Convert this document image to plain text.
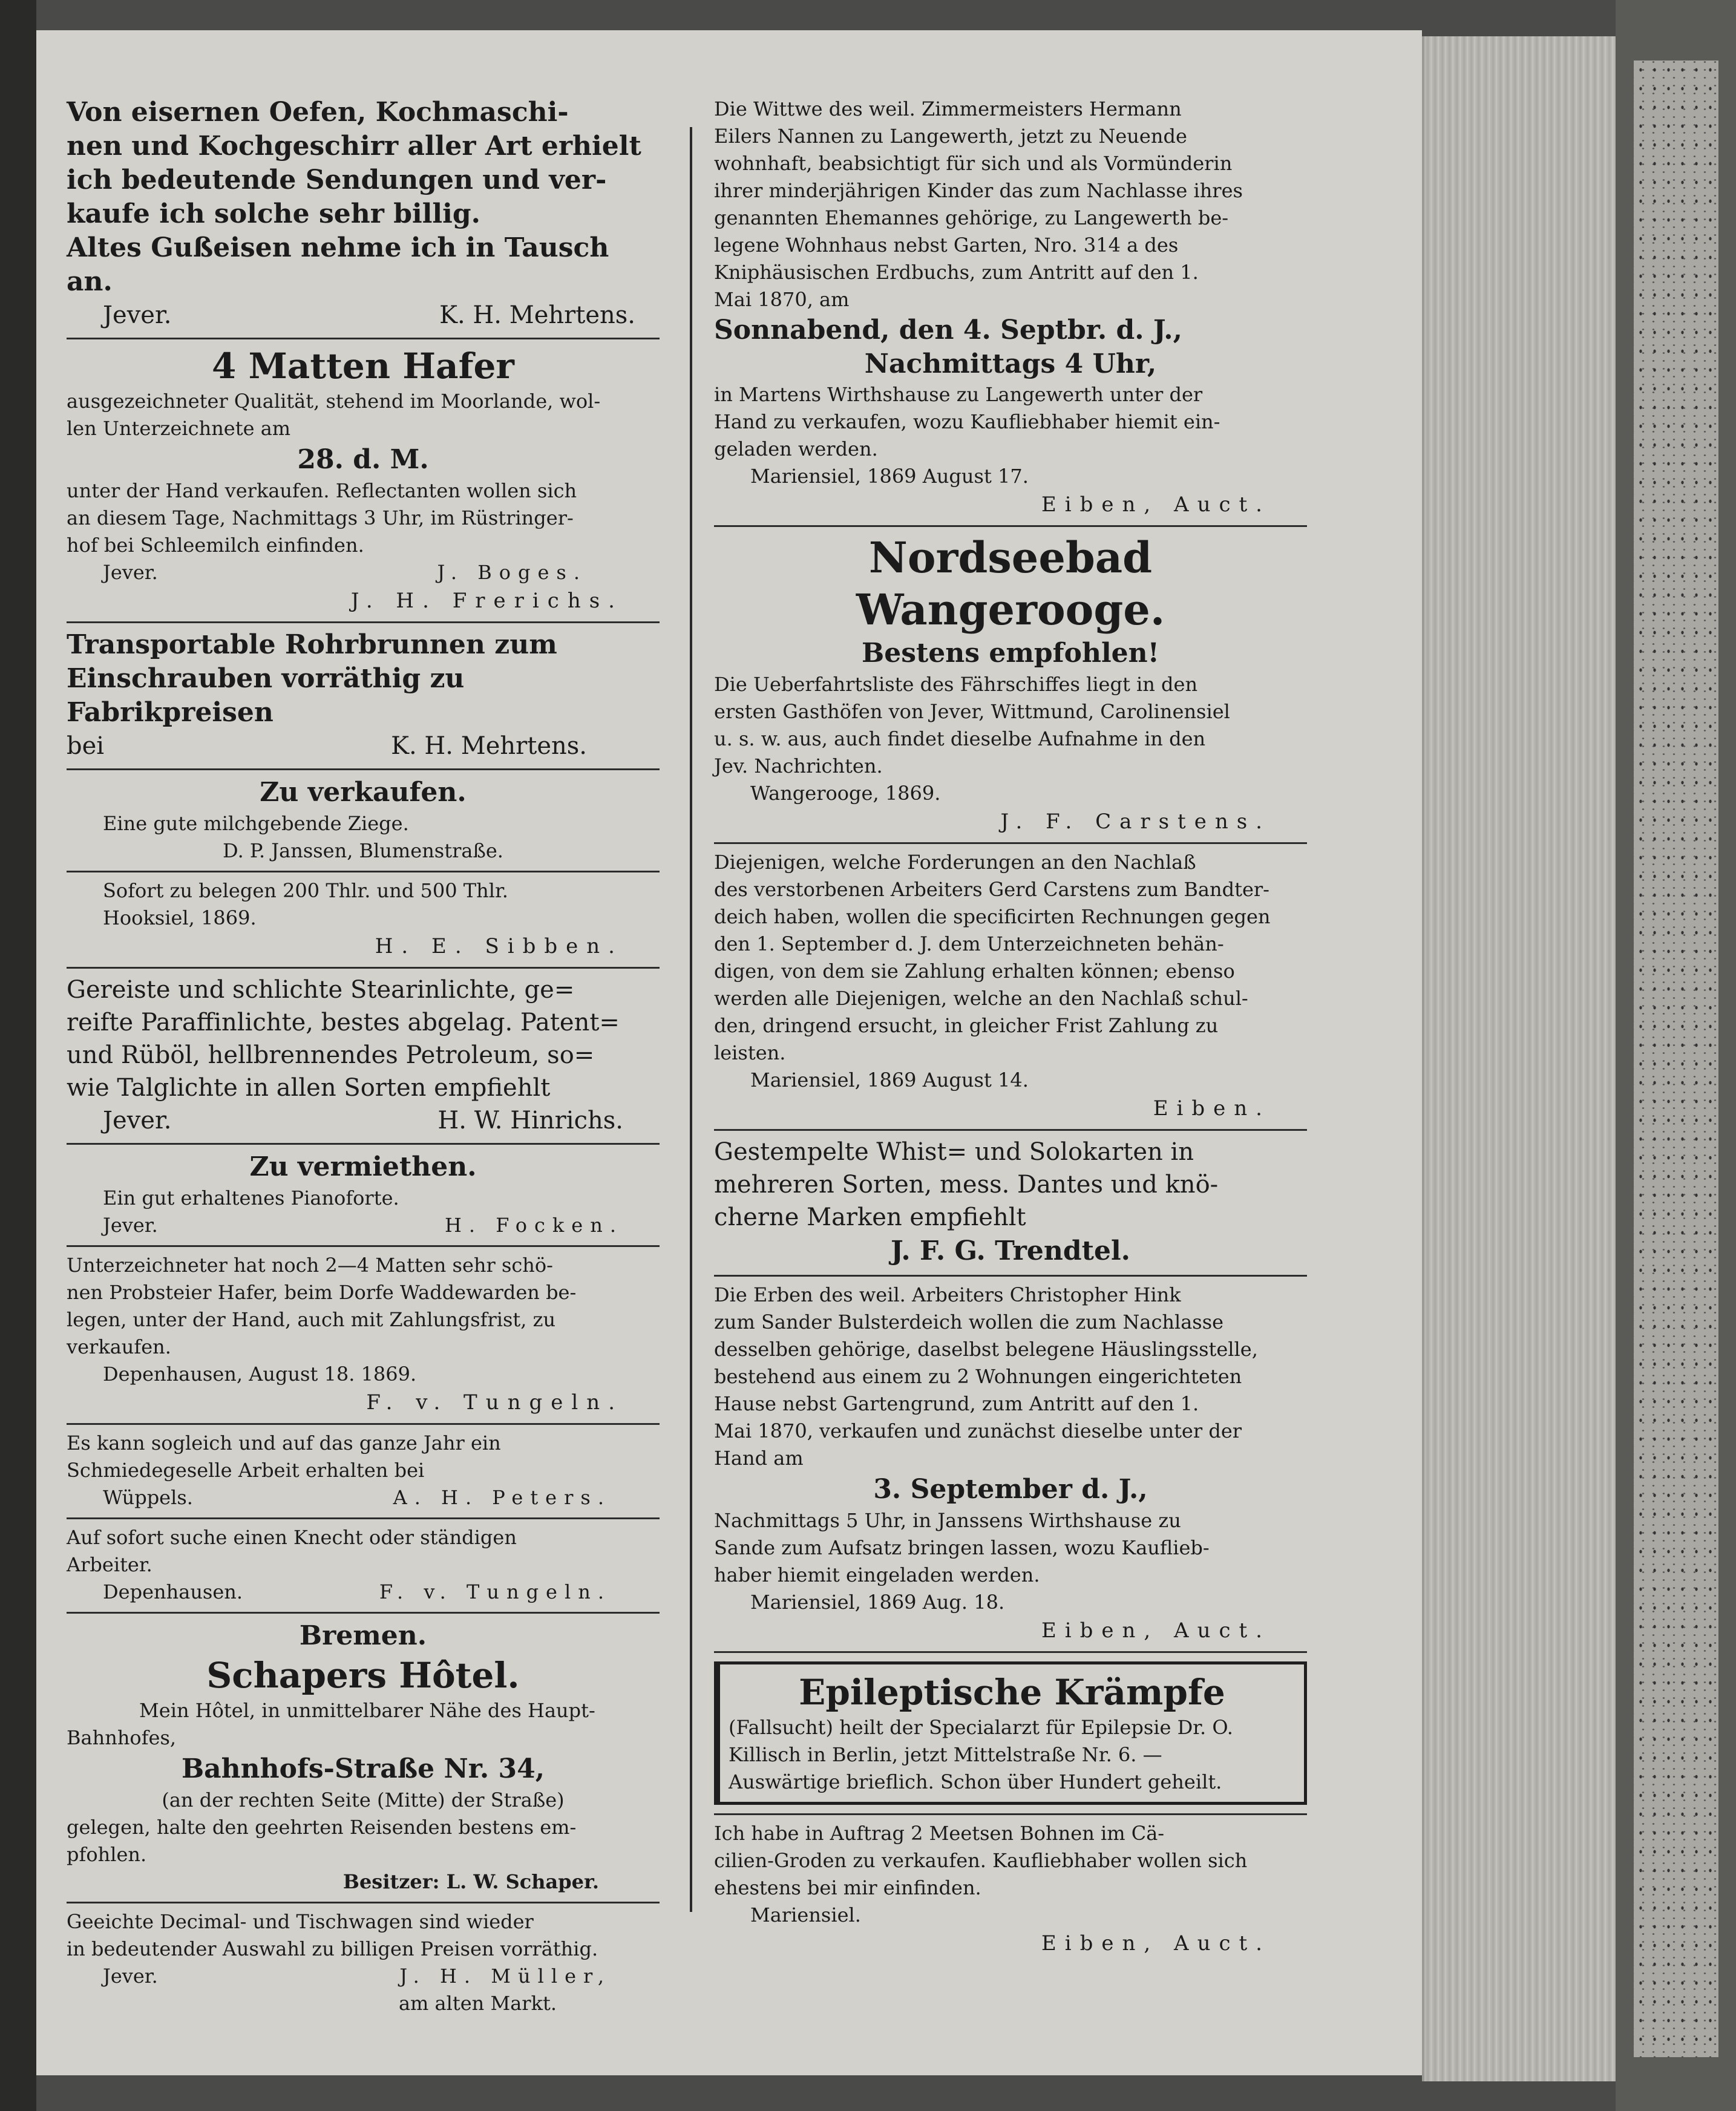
Von eisernen Oefen, Kochmaschi-

nen und Kochgeschirr aller Art erhielt

ich bedeutende Sendungen und ver-

kaufe ich solche sehr billig.

Altes Gußeisen nehme ich in Tausch

an.

Jever.	K. H. Mehrtens.

4 Matten Hafer

ausgezeichneter Qualität, stehend im Moorlande, wol-

len Unterzeichnete am

28. d. M.

unter der Hand verkaufen. Reflectanten wollen sich

an diesem Tage, Nachmittags 3 Uhr, im Rüstringer-

hof bei Schleemilch einfinden.

Jever.	J. Boges.

J. H. Frerichs.

Transportable Rohrbrunnen zum

Einschrauben vorräthig zu Fabrikpreisen

bei	K. H. Mehrtens.

Zu verkaufen.

Eine gute milchgebende Ziege.

D. P. Janssen, Blumenstraße.

Sofort zu belegen 200 Thlr. und 500 Thlr.

Hooksiel, 1869.

H. E. Sibben.

Gereiste und schlichte Stearinlichte, ge=

reifte Paraffinlichte, bestes abgelag. Patent=

und Rüböl, hellbrennendes Petroleum, so=

wie Talglichte in allen Sorten empfiehlt

Jever.	H. W. Hinrichs.

Zu vermiethen.

Ein gut erhaltenes Pianoforte.

Jever.	H. Focken.

Unterzeichneter hat noch 2—4 Matten sehr schö-

nen Probsteier Hafer, beim Dorfe Waddewarden be-

legen, unter der Hand, auch mit Zahlungsfrist, zu

verkaufen.

Depenhausen, August 18. 1869.

F. v. Tungeln.

Es kann sogleich und auf das ganze Jahr ein

Schmiedegeselle Arbeit erhalten bei

Wüppels.	A. H. Peters.

Auf sofort suche einen Knecht oder ständigen

Arbeiter.

Depenhausen.	F. v. Tungeln.

Bremen.

Schapers Hôtel.

Mein Hôtel, in unmittelbarer Nähe des Haupt-

Bahnhofes,

Bahnhofs-Straße Nr. 34,

(an der rechten Seite (Mitte) der Straße)

gelegen, halte den geehrten Reisenden bestens em-

pfohlen.

Besitzer: L. W. Schaper.

Geeichte Decimal- und Tischwagen sind wieder

in bedeutender Auswahl zu billigen Preisen vorräthig.

Jever.	J. H. Müller,

am alten Markt.

Die Wittwe des weil. Zimmermeisters Hermann

Eilers Nannen zu Langewerth, jetzt zu Neuende

wohnhaft, beabsichtigt für sich und als Vormünderin

ihrer minderjährigen Kinder das zum Nachlasse ihres

genannten Ehemannes gehörige, zu Langewerth be-

legene Wohnhaus nebst Garten, Nro. 314 a des

Kniphäusischen Erdbuchs, zum Antritt auf den 1.

Mai 1870, am

Sonnabend, den 4. Septbr. d. J.,

Nachmittags 4 Uhr,

in Martens Wirthshause zu Langewerth unter der

Hand zu verkaufen, wozu Kaufliebhaber hiemit ein-

geladen werden.

Mariensiel, 1869 August 17.

Eiben, Auct.

Nordseebad Wangerooge.

Bestens empfohlen!

Die Ueberfahrtsliste des Fährschiffes liegt in den

ersten Gasthöfen von Jever, Wittmund, Carolinensiel

u. s. w. aus, auch findet dieselbe Aufnahme in den

Jev. Nachrichten.

Wangerooge, 1869.

J. F. Carstens.

Diejenigen, welche Forderungen an den Nachlaß

des verstorbenen Arbeiters Gerd Carstens zum Bandter-

deich haben, wollen die specificirten Rechnungen gegen

den 1. September d. J. dem Unterzeichneten behän-

digen, von dem sie Zahlung erhalten können; ebenso

werden alle Diejenigen, welche an den Nachlaß schul-

den, dringend ersucht, in gleicher Frist Zahlung zu

leisten.

Mariensiel, 1869 August 14.

Eiben.

Gestempelte Whist= und Solokarten in

mehreren Sorten, mess. Dantes und knö-

cherne Marken empfiehlt

J. F. G. Trendtel.

Die Erben des weil. Arbeiters Christopher Hink

zum Sander Bulsterdeich wollen die zum Nachlasse

desselben gehörige, daselbst belegene Häuslingsstelle,

bestehend aus einem zu 2 Wohnungen eingerichteten

Hause nebst Gartengrund, zum Antritt auf den 1.

Mai 1870, verkaufen und zunächst dieselbe unter der

Hand am

3. September d. J.,

Nachmittags 5 Uhr, in Janssens Wirthshause zu

Sande zum Aufsatz bringen lassen, wozu Kauflieb-

haber hiemit eingeladen werden.

Mariensiel, 1869 Aug. 18.

Eiben, Auct.

Epileptische Krämpfe

(Fallsucht) heilt der Specialarzt für Epilepsie Dr. O.

Killisch in Berlin, jetzt Mittelstraße Nr. 6. —

Auswärtige brieflich. Schon über Hundert geheilt.

Ich habe in Auftrag 2 Meetsen Bohnen im Cä-

cilien-Groden zu verkaufen. Kaufliebhaber wollen sich

ehestens bei mir einfinden.

Mariensiel.

Eiben, Auct.
